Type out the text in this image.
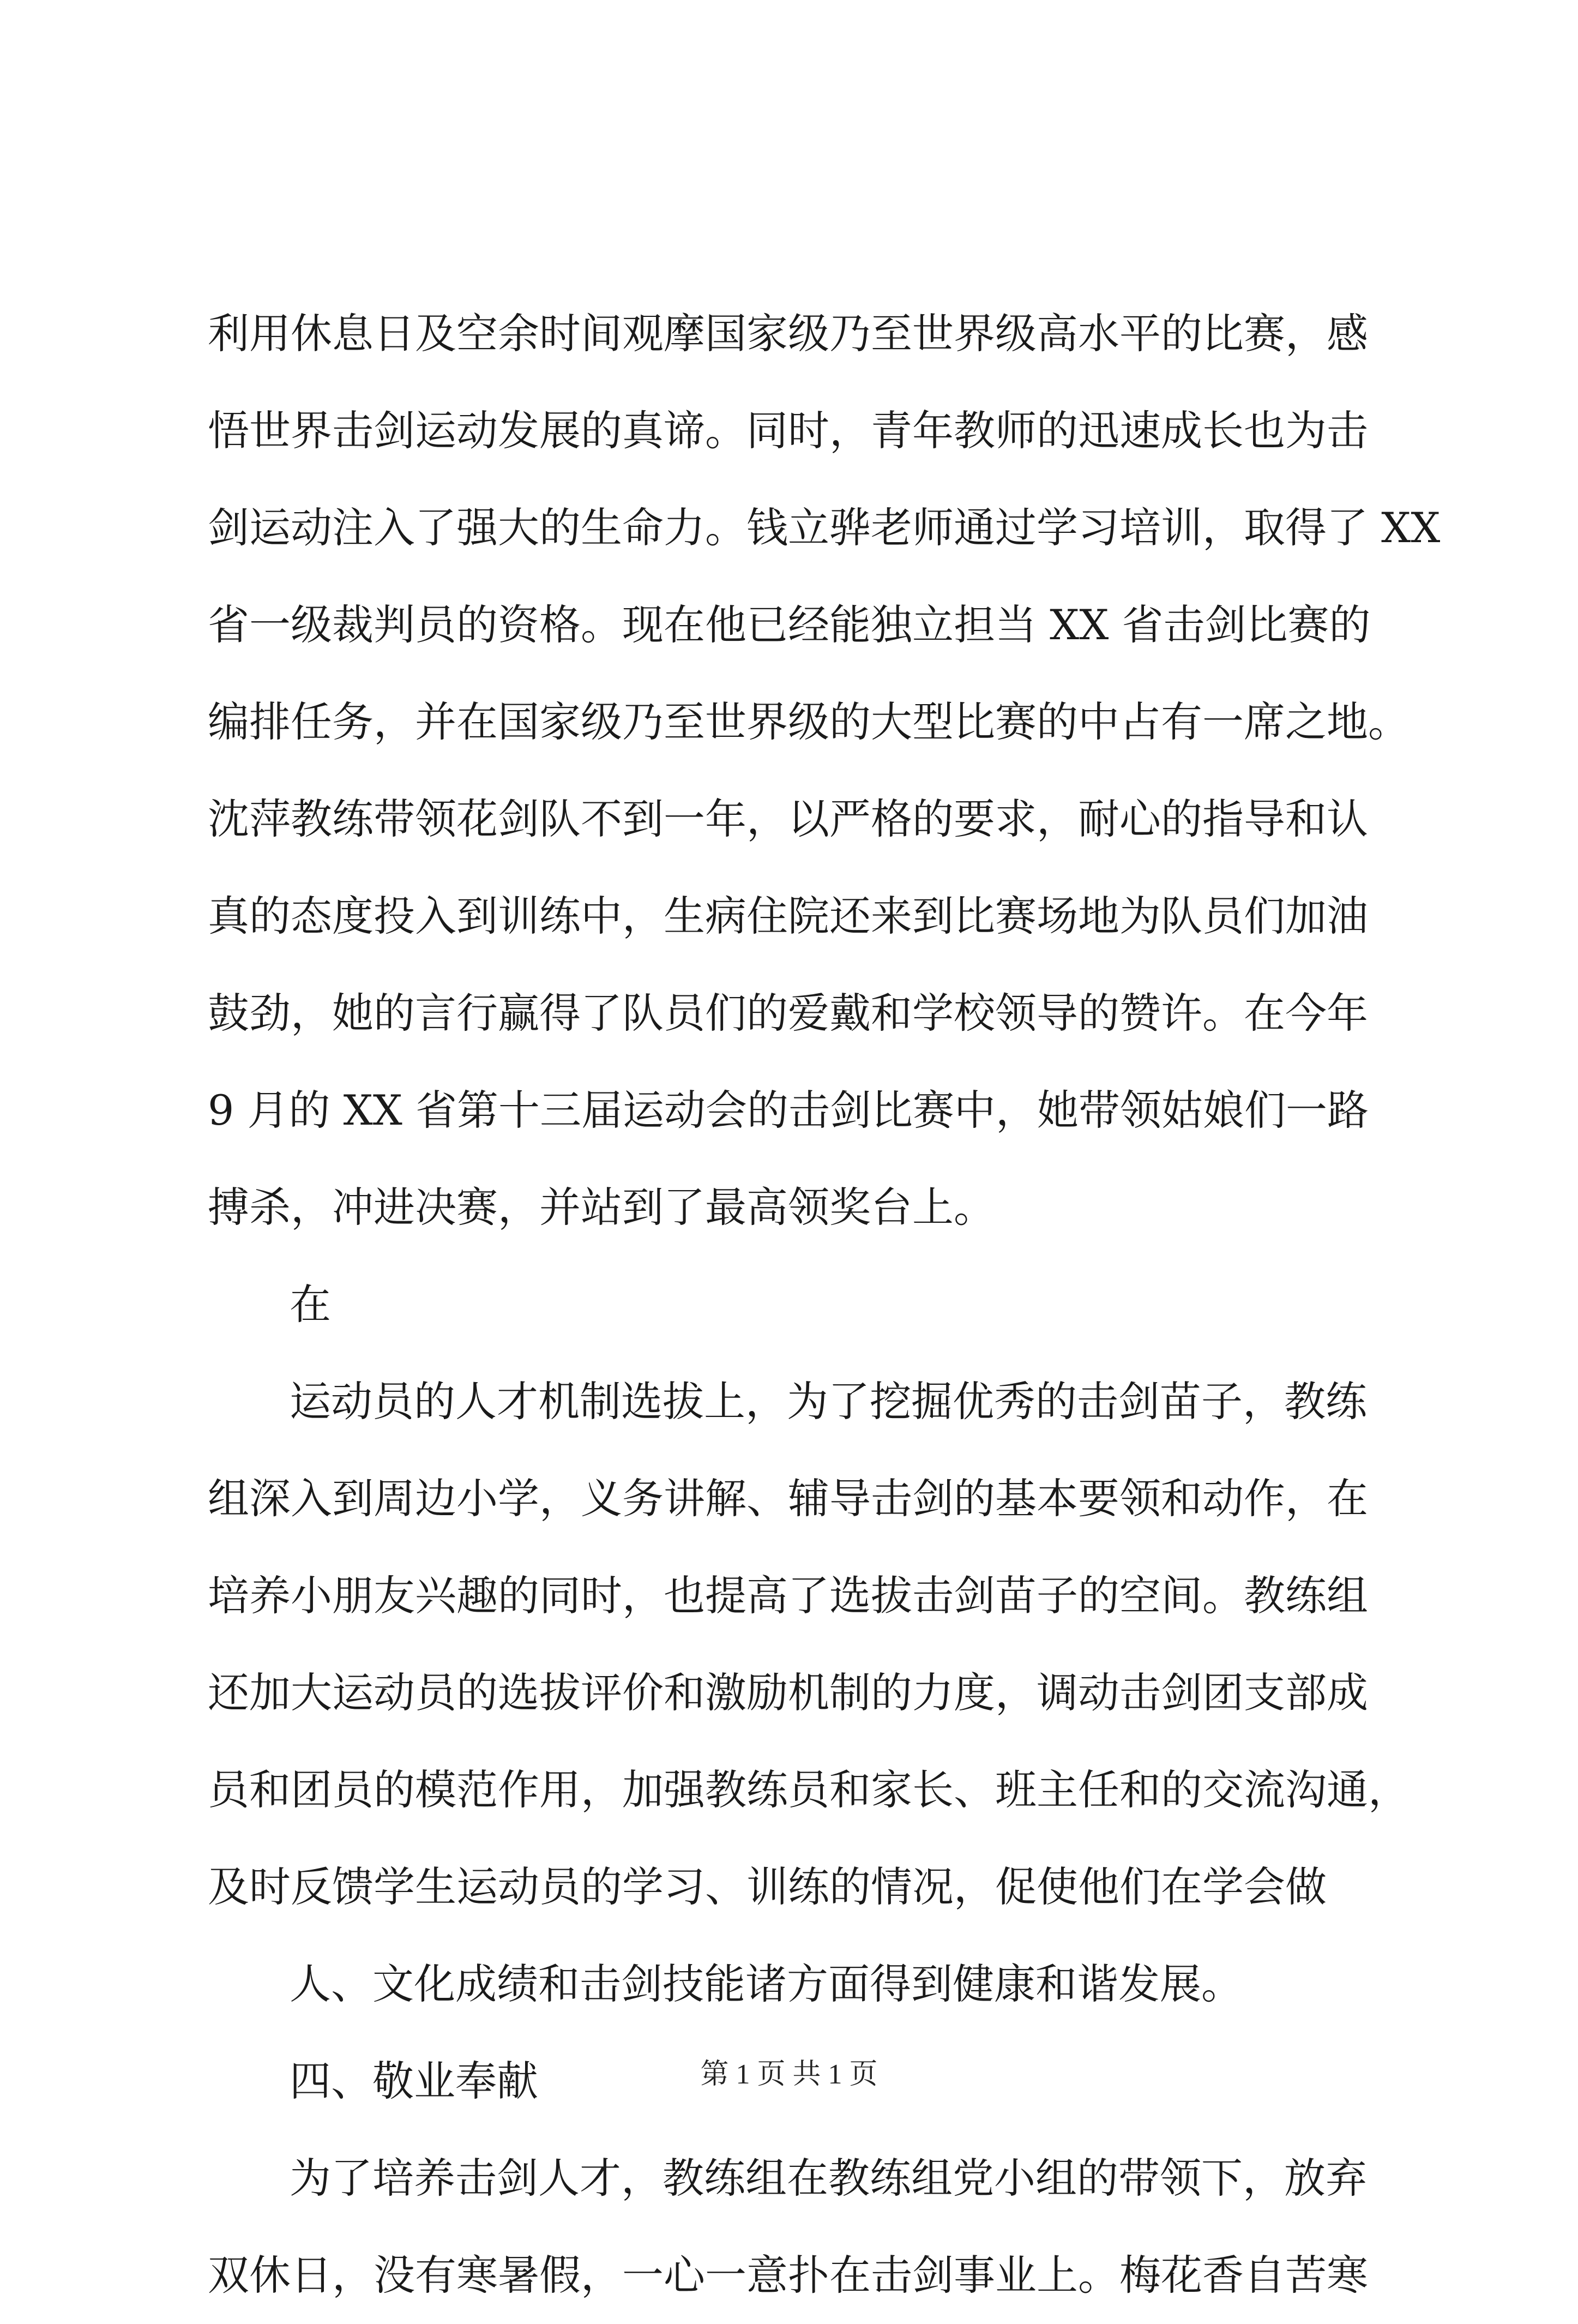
利用休息日及空余时间观摩国家级乃至世界级高水平的比赛，感
悟世界击剑运动发展的真谛。同时，青年教师的迅速成长也为击
剑运动注入了强大的生命力。钱立骅老师通过学习培训，取得了 XX
省一级裁判员的资格。现在他已经能独立担当 XX 省击剑比赛的
编排任务，并在国家级乃至世界级的大型比赛的中占有一席之地。
沈萍教练带领花剑队不到一年，以严格的要求，耐心的指导和认
真的态度投入到训练中，生病住院还来到比赛场地为队员们加油
鼓劲，她的言行赢得了队员们的爱戴和学校领导的赞许。在今年
9 月的 XX 省第十三届运动会的击剑比赛中，她带领姑娘们一路
搏杀，冲进决赛，并站到了最高领奖台上。
在
运动员的人才机制选拔上，为了挖掘优秀的击剑苗子，教练
组深入到周边小学，义务讲解、辅导击剑的基本要领和动作，在
培养小朋友兴趣的同时，也提高了选拔击剑苗子的空间。教练组
还加大运动员的选拔评价和激励机制的力度，调动击剑团支部成
员和团员的模范作用，加强教练员和家长、班主任和的交流沟通，
及时反馈学生运动员的学习、训练的情况，促使他们在学会做
人、文化成绩和击剑技能诸方面得到健康和谐发展。
四、敬业奉献
为了培养击剑人才，教练组在教练组党小组的带领下，放弃
双休日，没有寒暑假，一心一意扑在击剑事业上。梅花香自苦寒
第 1 页 共 1 页
